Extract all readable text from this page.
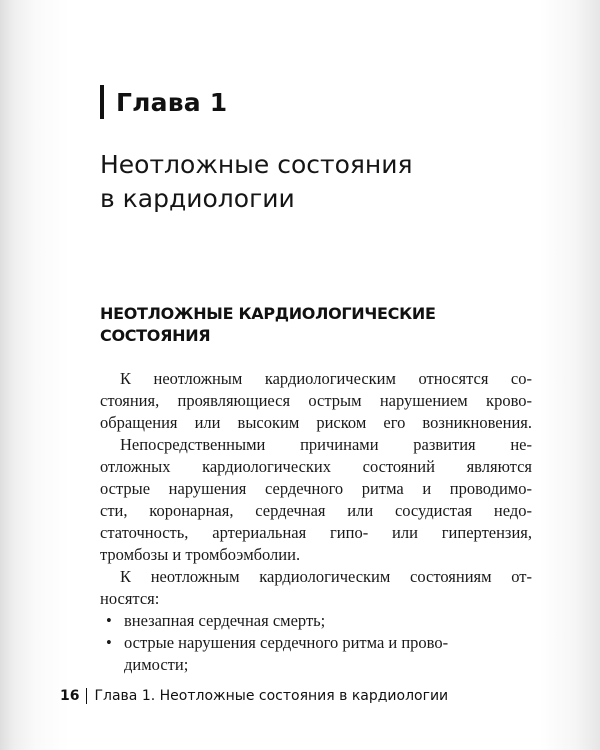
Глава 1
Неотложные состояния
в кардиологии
НЕОТЛОЖНЫЕ КАРДИОЛОГИЧЕСКИЕ
СОСТОЯНИЯ
К неотложным кардиологическим относятся со-
стояния, проявляющиеся острым нарушением крово-
обращения или высоким риском его возникновения.
Непосредственными причинами развития не-
отложных кардиологических состояний являются
острые нарушения сердечного ритма и проводимо-
сти, коронарная, сердечная или сосудистая недо-
статочность, артериальная гипо- или гипертензия,
тромбозы и тромбоэмболии.
К неотложным кардиологическим состояниям от-
носятся:
• внезапная сердечная смерть;
• острые нарушения сердечного ритма и прово-
димости;
16 Глава 1. Неотложные состояния в кардиологии
